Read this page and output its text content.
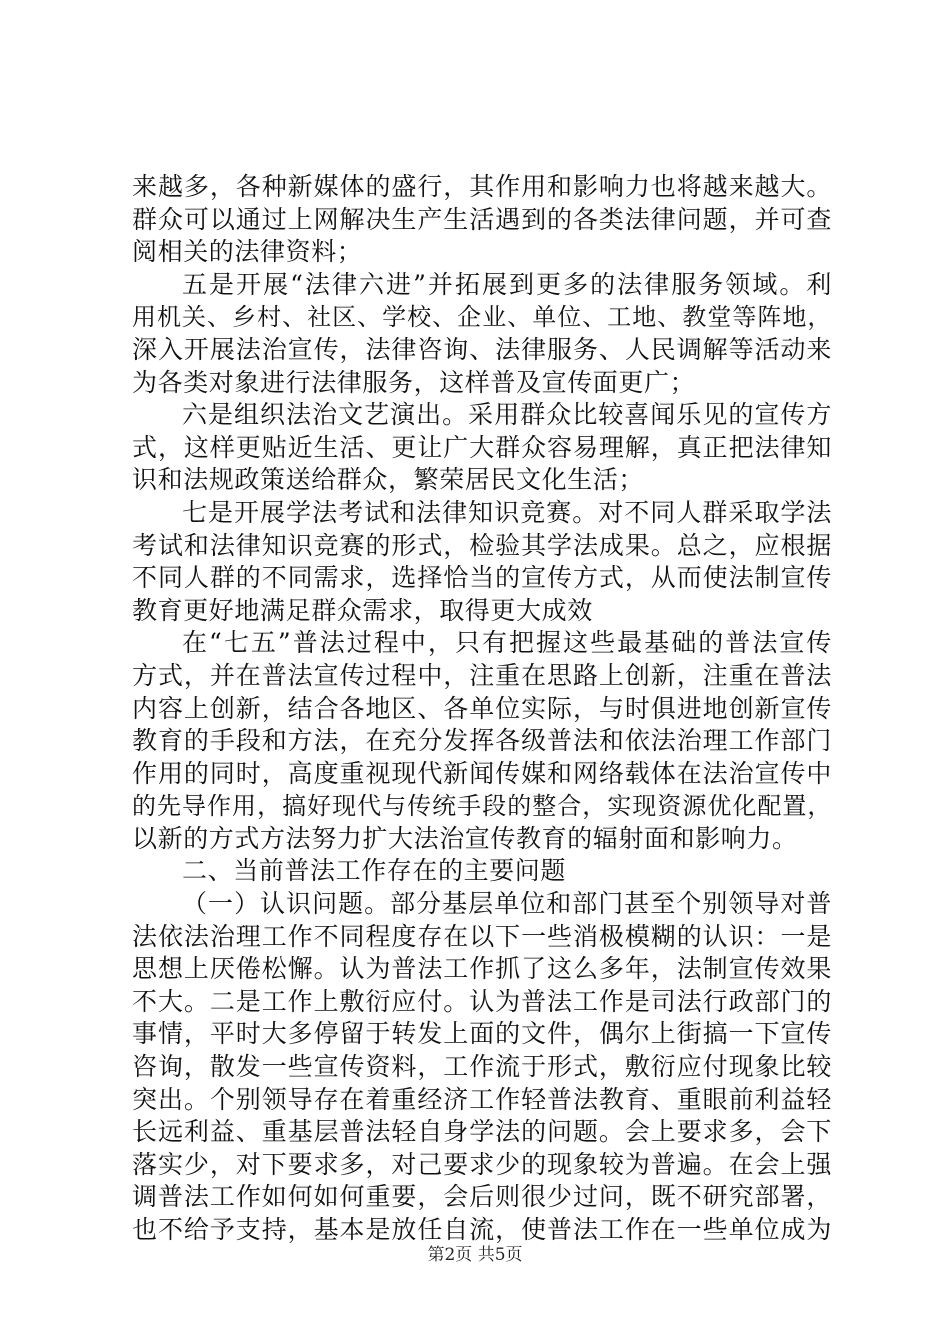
来越多，各种新媒体的盛行，其作用和影响力也将越来越大。
群众可以通过上网解决生产生活遇到的各类法律问题，并可查
阅相关的法律资料；
五是开展“法律六进”并拓展到更多的法律服务领域。利
用机关、乡村、社区、学校、企业、单位、工地、教堂等阵地，
深入开展法治宣传，法律咨询、法律服务、人民调解等活动来
为各类对象进行法律服务，这样普及宣传面更广；
六是组织法治文艺演出。采用群众比较喜闻乐见的宣传方
式，这样更贴近生活、更让广大群众容易理解，真正把法律知
识和法规政策送给群众，繁荣居民文化生活；
七是开展学法考试和法律知识竞赛。对不同人群采取学法
考试和法律知识竞赛的形式，检验其学法成果。总之，应根据
不同人群的不同需求，选择恰当的宣传方式，从而使法制宣传
教育更好地满足群众需求，取得更大成效
在“七五”普法过程中，只有把握这些最基础的普法宣传
方式，并在普法宣传过程中，注重在思路上创新，注重在普法
内容上创新，结合各地区、各单位实际，与时俱进地创新宣传
教育的手段和方法，在充分发挥各级普法和依法治理工作部门
作用的同时，高度重视现代新闻传媒和网络载体在法治宣传中
的先导作用，搞好现代与传统手段的整合，实现资源优化配置，
以新的方式方法努力扩大法治宣传教育的辐射面和影响力。
二、当前普法工作存在的主要问题
（一）认识问题。部分基层单位和部门甚至个别领导对普
法依法治理工作不同程度存在以下一些消极模糊的认识：一是
思想上厌倦松懈。认为普法工作抓了这么多年，法制宣传效果
不大。二是工作上敷衍应付。认为普法工作是司法行政部门的
事情，平时大多停留于转发上面的文件，偶尔上街搞一下宣传
咨询，散发一些宣传资料，工作流于形式，敷衍应付现象比较
突出。个别领导存在着重经济工作轻普法教育、重眼前利益轻
长远利益、重基层普法轻自身学法的问题。会上要求多，会下
落实少，对下要求多，对己要求少的现象较为普遍。在会上强
调普法工作如何如何重要，会后则很少过问，既不研究部署，
也不给予支持，基本是放任自流，使普法工作在一些单位成为
第2页 共5页
